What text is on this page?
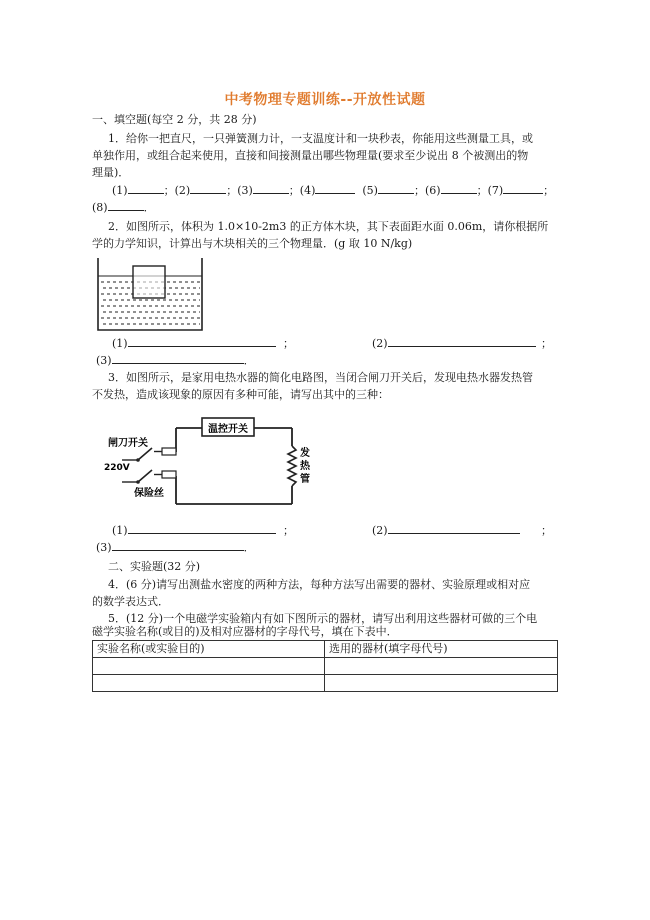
中考物理专题训练--开放性试题
一、填空题(每空 2 分，共 28 分)
1．给你一把直尺，一只弹簧测力计，一支温度计和一块秒表，你能用这些测量工具，或
单独作用，或组合起来使用，直接和间接测量出哪些物理量(要求至少说出 8 个被测出的物
理量)．
(1)	；(2)	；(3)	；(4)	(5)	；(6)	；(7)	；
(8)	．
2．如图所示，体积为 1.0×10-2m3 的正方体木块，其下表面距水面 0.06m，请你根据所
学的力学知识，计算出与木块相关的三个物理量．(g 取 10 N/kg)
(1)	；	(2)	；
(3)	．
3．如图所示，是家用电热水器的简化电路图，当闭合闸刀开关后，发现电热水器发热管
不发热，造成该现象的原因有多种可能，请写出其中的三种：
温控开关
发
热
管
闸刀开关
220V
保险丝
(1)	；	(2)	；
(3)	．
二、实验题(32 分)
4．(6 分)请写出测盐水密度的两种方法，每种方法写出需要的器材、实验原理或相对应
的数学表达式．
5．(12 分)一个电磁学实验箱内有如下图所示的器材，请写出利用这些器材可做的三个电
磁学实验名称(或目的)及相对应器材的字母代号，填在下表中．
实验名称(或实验目的)	选用的器材(填字母代号)
